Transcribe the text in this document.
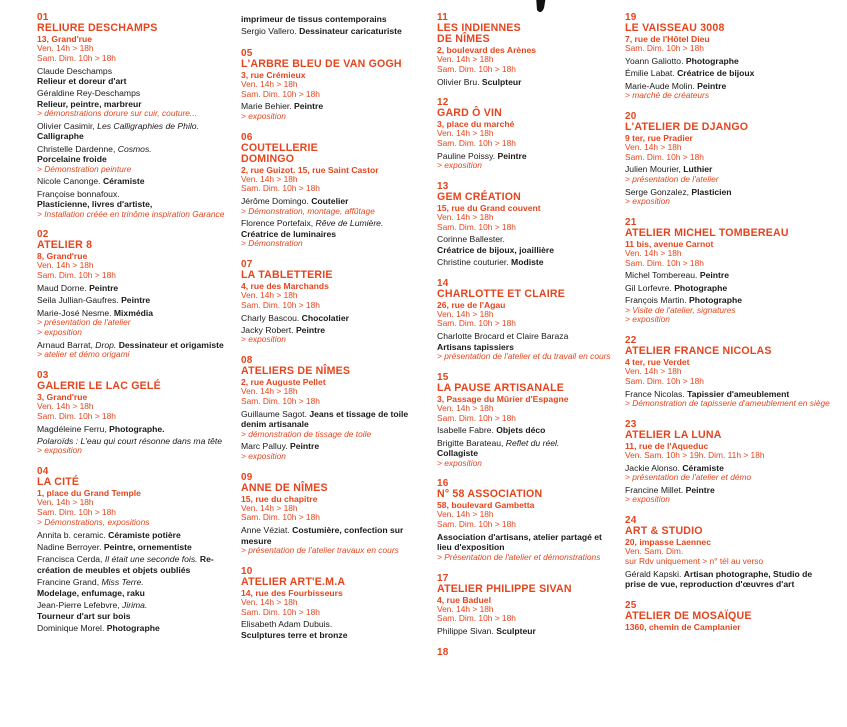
01
RELIURE DESCHAMPS
13, Grand'rue
Ven. 14h > 18h
Sam. Dim. 10h > 18h
Claude Deschamps
Relieur et doreur d'art
Géraldine Rey-Deschamps
Relieur, peintre, marbreur
> démonstrations dorure sur cuir, couture...
Olivier Casimir, Les Calligraphies de Philo. Calligraphe
Christelle Dardenne, Cosmos.
Porcelaine froide
> Démonstration peinture
Nicole Canonge. Céramiste
Françoise bonnafoux.
Plasticienne, livres d'artiste,
> Installation créée en trinôme inspiration Garance
02
ATELIER 8
8, Grand'rue
Ven. 14h > 18h
Sam. Dim. 10h > 18h
Maud Dorne. Peintre
Seila Jullian-Gaufres. Peintre
Marie-José Nesme. Mixmédia
> présentation de l'atelier
> exposition
Arnaud Barrat, Drop. Dessinateur et origamiste
> atelier et démo origami
03
GALERIE LE LAC GELÉ
3, Grand'rue
Ven. 14h > 18h
Sam. Dim. 10h > 18h
Magdéleine Ferru, Photographe.
Polaroïds : L'eau qui court résonne dans ma tête
> exposition
04
LA CITÉ
1, place du Grand Temple
Ven. 14h > 18h
Sam. Dim. 10h > 18h
> Démonstrations, expositions
Annita b. ceramic. Céramiste potière
Nadine Berroyer. Peintre, ornementiste
Francisca Cerda, Il était une seconde fois. Re-création de meubles et objets oubliés
Francine Grand, Miss Terre.
Modelage, enfumage, raku
Jean-Pierre Lefebvre, Jirima.
Tourneur d'art sur bois
Dominique Morel. Photographe
imprimeur de tissus contemporains
Sergio Vallero. Dessinateur caricaturiste
05
L'ARBRE BLEU DE VAN GOGH
3, rue Crémieux
Ven. 14h > 18h
Sam. Dim. 10h > 18h
Marie Behier. Peintre
> exposition
06
COUTELLERIE
DOMINGO
2, rue Guizot. 15, rue Saint Castor
Ven. 14h > 18h
Sam. Dim. 10h > 18h
Jérôme Domingo. Coutelier
> Démonstration, montage, affûtage
Florence Portefaix, Rêve de Lumière.
Créatrice de luminaires
> Démonstration
07
LA TABLETTERIE
4, rue des Marchands
Ven. 14h > 18h
Sam. Dim. 10h > 18h
Charly Bascou. Chocolatier
Jacky Robert. Peintre
> exposition
08
ATELIERS DE NÎMES
2, rue Auguste Pellet
Ven. 14h > 18h
Sam. Dim. 10h > 18h
Guillaume Sagot. Jeans et tissage de toile denim artisanale
> démonstration de tissage de toile
Marc Palluy. Peintre
> exposition
09
ANNE DE NÎMES
15, rue du chapitre
Ven. 14h > 18h
Sam. Dim. 10h > 18h
Anne Véziat. Costumière, confection sur mesure
> présentation de l'atelier travaux en cours
10
ATELIER ART'E.M.A
14, rue des Fourbisseurs
Ven. 14h > 18h
Sam. Dim. 10h > 18h
Elisabeth Adam Dubuis.
Sculptures terre et bronze
11
LES INDIENNES
DE NÎMES
2, boulevard des Arènes
Ven. 14h > 18h
Sam. Dim. 10h > 18h
Olivier Bru. Sculpteur
12
GARD Ô VIN
3, place du marché
Ven. 14h > 18h
Sam. Dim. 10h > 18h
Pauline Poissy. Peintre
> exposition
13
GEM CRÉATION
15, rue du Grand couvent
Ven. 14h > 18h
Sam. Dim. 10h > 18h
Corinne Ballester.
Créatrice de bijoux, joaillière
Christine couturier. Modiste
14
CHARLOTTE ET CLAIRE
26, rue de l'Agau
Ven. 14h > 18h
Sam. Dim. 10h > 18h
Charlotte Brocard et Claire Baraza
Artisans tapissiers
> présentation de l'atelier et du travail en cours
15
LA PAUSE ARTISANALE
3, Passage du Mûrier d'Espagne
Ven. 14h > 18h
Sam. Dim. 10h > 18h
Isabelle Fabre. Objets déco
Brigitte Barateau, Reflet du réel.
Collagiste
> exposition
16
N° 58 ASSOCIATION
58, boulevard Gambetta
Ven. 14h > 18h
Sam. Dim. 10h > 18h
Association d'artisans, atelier partagé et lieu d'exposition
> Présentation de l'atelier et démonstrations
17
ATELIER PHILIPPE SIVAN
4, rue Baduel
Ven. 14h > 18h
Sam. Dim. 10h > 18h
Philippe Sivan. Sculpteur
18
19
LE VAISSEAU 3008
7, rue de l'Hôtel Dieu
Sam. Dim. 10h > 18h
Yoann Galiotto. Photographe
Émilie Labat. Créatrice de bijoux
Marie-Aude Molin. Peintre
> marché de créateurs
20
L'ATELIER DE DJANGO
9 ter, rue Pradier
Ven. 14h > 18h
Sam. Dim. 10h > 18h
Julien Mourier, Luthier
> présentation de l'atelier
Serge Gonzalez, Plasticien
> exposition
21
ATELIER MICHEL TOMBEREAU
11 bis, avenue Carnot
Ven. 14h > 18h
Sam. Dim. 10h > 18h
Michel Tombereau. Peintre
Gil Lorfevre. Photographe
François Martin. Photographe
> Visite de l'atelier, signatures
> exposition
22
ATELIER FRANCE NICOLAS
4 ter, rue Verdet
Ven. 14h > 18h
Sam. Dim. 10h > 18h
France Nicolas. Tapissier d'ameublement
> Démonstration de tapisserie d'ameublement en siège
23
ATELIER LA LUNA
11, rue de l'Aqueduc
Ven. Sam. 10h > 19h. Dim. 11h > 18h
Jackie Alonso. Céramiste
> présentation de l'atelier et démo
Francine Millet. Peintre
> exposition
24
ART & STUDIO
20, impasse Laennec
Ven. Sam. Dim.
sur Rdv uniquement > n° tél au verso
Gérald Kapski. Artisan photographe, Studio de prise de vue, reproduction d'œuvres d'art
25
ATELIER DE MOSAÏQUE
1360, chemin de Camplanier
